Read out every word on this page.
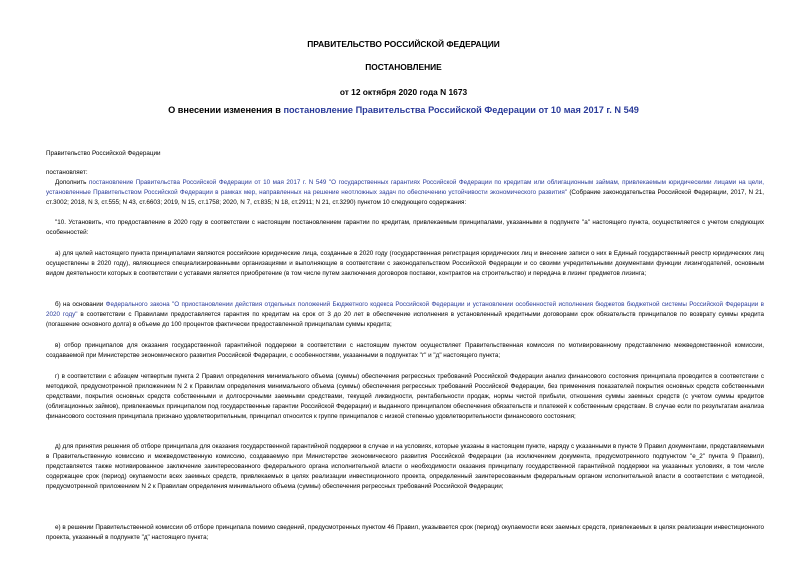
ПРАВИТЕЛЬСТВО РОССИЙСКОЙ ФЕДЕРАЦИИ
ПОСТАНОВЛЕНИЕ
от 12 октября 2020 года N 1673
О внесении изменения в постановление Правительства Российской Федерации от 10 мая 2017 г. N 549
Правительство Российской Федерации
постановляет:

Дополнить постановление Правительства Российской Федерации от 10 мая 2017 г. N 549 "О государственных гарантиях Российской Федерации по кредитам или облигационным займам, привлекаемым юридическими лицами на цели, установленные Правительством Российской Федерации в рамках мер, направленных на решение неотложных задач по обеспечению устойчивости экономического развития" (Собрание законодательства Российской Федерации, 2017, N 21, ст.3002; 2018, N 3, ст.555; N 43, ст.6603; 2019, N 15, ст.1758; 2020, N 7, ст.835; N 18, ст.2911; N 21, ст.3290) пунктом 10 следующего содержания:

"10. Установить, что предоставление в 2020 году в соответствии с настоящим постановлением гарантии по кредитам, привлекаемым принципалами, указанными в подпункте "а" настоящего пункта, осуществляется с учетом следующих особенностей:

а) для целей настоящего пункта принципалами являются российские юридические лица, созданные в 2020 году (государственная регистрация юридических лиц и внесение записи о них в Единый государственный реестр юридических лиц осуществлены в 2020 году), являющиеся специализированными организациями и выполняющие в соответствии с законодательством Российской Федерации и со своими учредительными документами функции лизингодателей, основным видом деятельности которых в соответствии с уставами является приобретение (в том числе путем заключения договоров поставки, контрактов на строительство) и передача в лизинг предметов лизинга;

б) на основании Федерального закона "О приостановлении действия отдельных положений Бюджетного кодекса Российской Федерации и установлении особенностей исполнения бюджетов бюджетной системы Российской Федерации в 2020 году" в соответствии с Правилами предоставляется гарантия по кредитам на срок от 3 до 20 лет в обеспечение исполнения в установленный кредитными договорами срок обязательств принципалов по возврату суммы кредита (погашение основного долга) в объеме до 100 процентов фактически предоставленной принципалам суммы кредита;

в) отбор принципалов для оказания государственной гарантийной поддержки в соответствии с настоящим пунктом осуществляет Правительственная комиссия по мотивированному представлению межведомственной комиссии, создаваемой при Министерстве экономического развития Российской Федерации, с особенностями, указанными в подпунктах "г" и "д" настоящего пункта;

г) в соответствии с абзацем четвертым пункта 2 Правил определения минимального объема (суммы) обеспечения регрессных требований Российской Федерации анализ финансового состояния принципала проводится в соответствии с методикой, предусмотренной приложением N 2 к Правилам определения минимального объема (суммы) обеспечения регрессных требований Российской Федерации, без применения показателей покрытия основных средств собственными средствами, покрытия основных средств собственными и долгосрочными заемными средствами, текущей ликвидности, рентабельности продаж, нормы чистой прибыли, отношения суммы заемных средств (с учетом суммы кредитов (облигационных займов), привлекаемых принципалом под государственные гарантии Российской Федерации) и выданного принципалом обеспечения обязательств и платежей к собственным средствам. В случае если по результатам анализа финансового состояния принципала признано удовлетворительным, принципал относится к группе принципалов с низкой степенью удовлетворительности финансового состояния;

д) для принятия решения об отборе принципала для оказания государственной гарантийной поддержки в случае и на условиях, которые указаны в настоящем пункте, наряду с указанными в пункте 9 Правил документами, представляемыми в Правительственную комиссию и межведомственную комиссию, создаваемую при Министерстве экономического развития Российской Федерации (за исключением документа, предусмотренного подпунктом "е_2" пункта 9 Правил), представляется также мотивированное заключение заинтересованного федерального органа исполнительной власти о необходимости оказания принципалу государственной гарантийной поддержки на указанных условиях, в том числе содержащее срок (период) окупаемости всех заемных средств, привлекаемых в целях реализации инвестиционного проекта, определенный заинтересованным федеральным органом исполнительной власти в соответствии с методикой, предусмотренной приложением N 2 к Правилам определения минимального объема (суммы) обеспечения регрессных требований Российской Федерации;

е) в решении Правительственной комиссии об отборе принципала помимо сведений, предусмотренных пунктом 46 Правил, указывается срок (период) окупаемости всех заемных средств, привлекаемых в целях реализации инвестиционного проекта, указанный в подпункте "д" настоящего пункта;
